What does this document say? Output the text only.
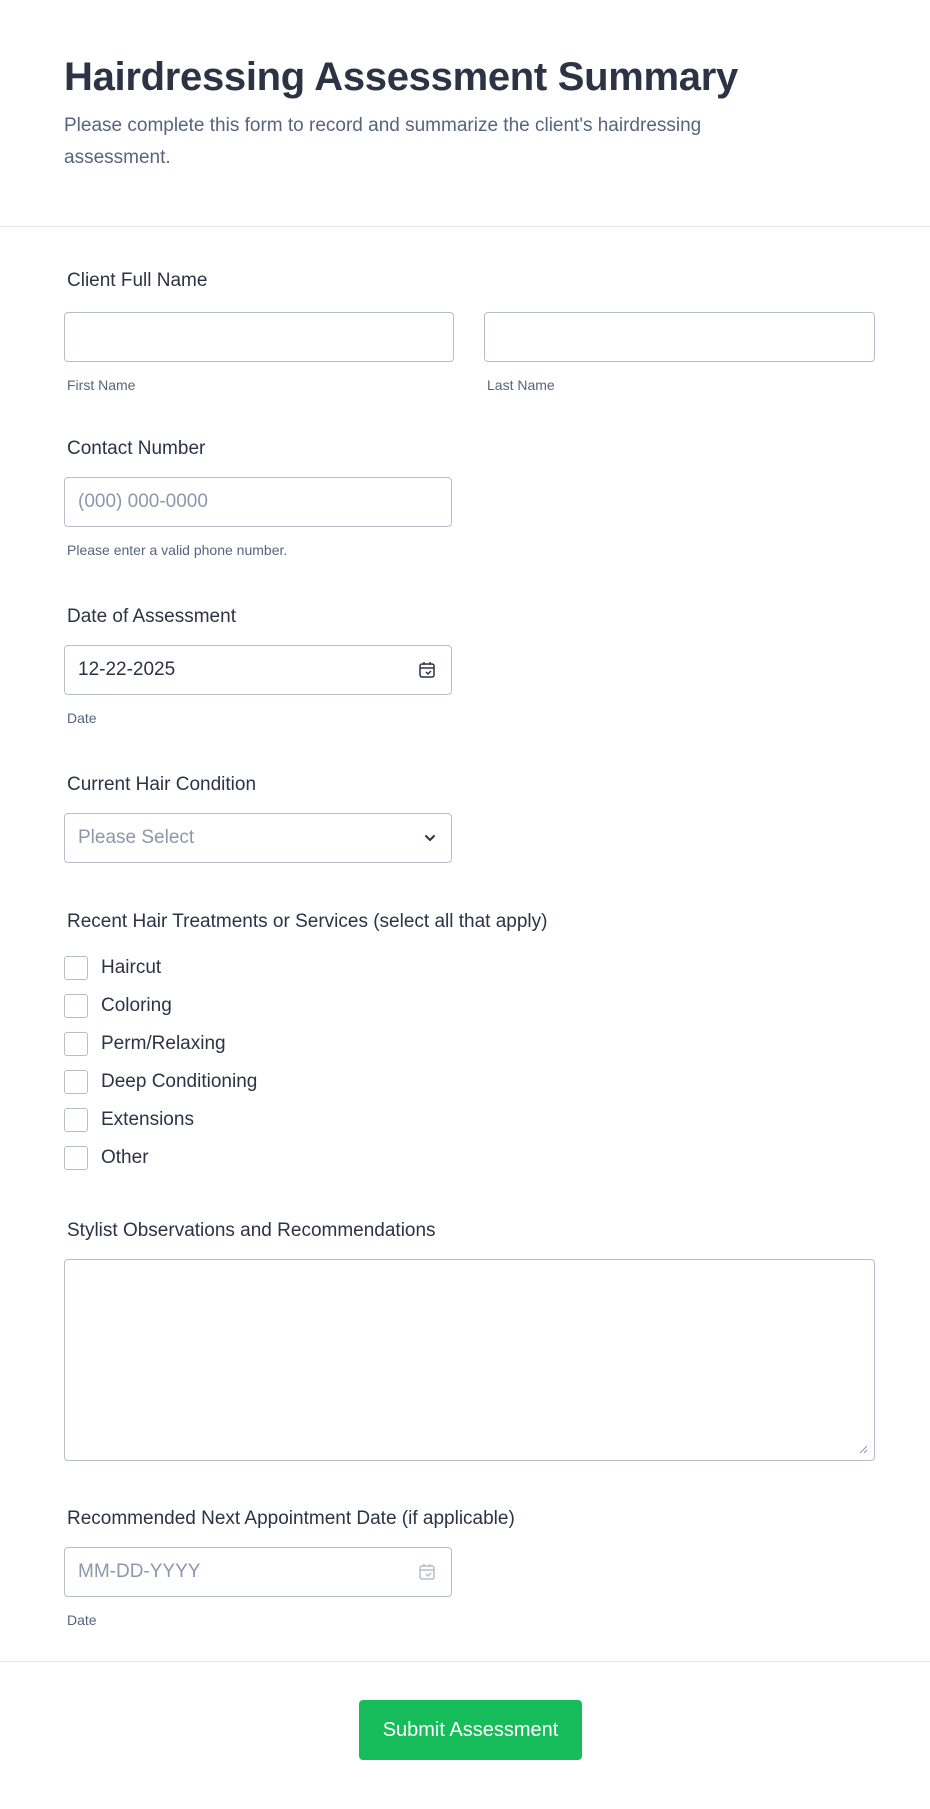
Hairdressing Assessment Summary

Please complete this form to record and summarize the client's hairdressing assessment.

Client Full Name
First Name	Last Name
Contact Number
(000) 000-0000
Please enter a valid phone number.
Date of Assessment
12-22-2025
Date
Current Hair Condition
Please Select
Recent Hair Treatments or Services (select all that apply)
Haircut
Coloring
Perm/Relaxing
Deep Conditioning
Extensions
Other
Stylist Observations and Recommendations
Recommended Next Appointment Date (if applicable)
MM-DD-YYYY
Date
Submit Assessment
